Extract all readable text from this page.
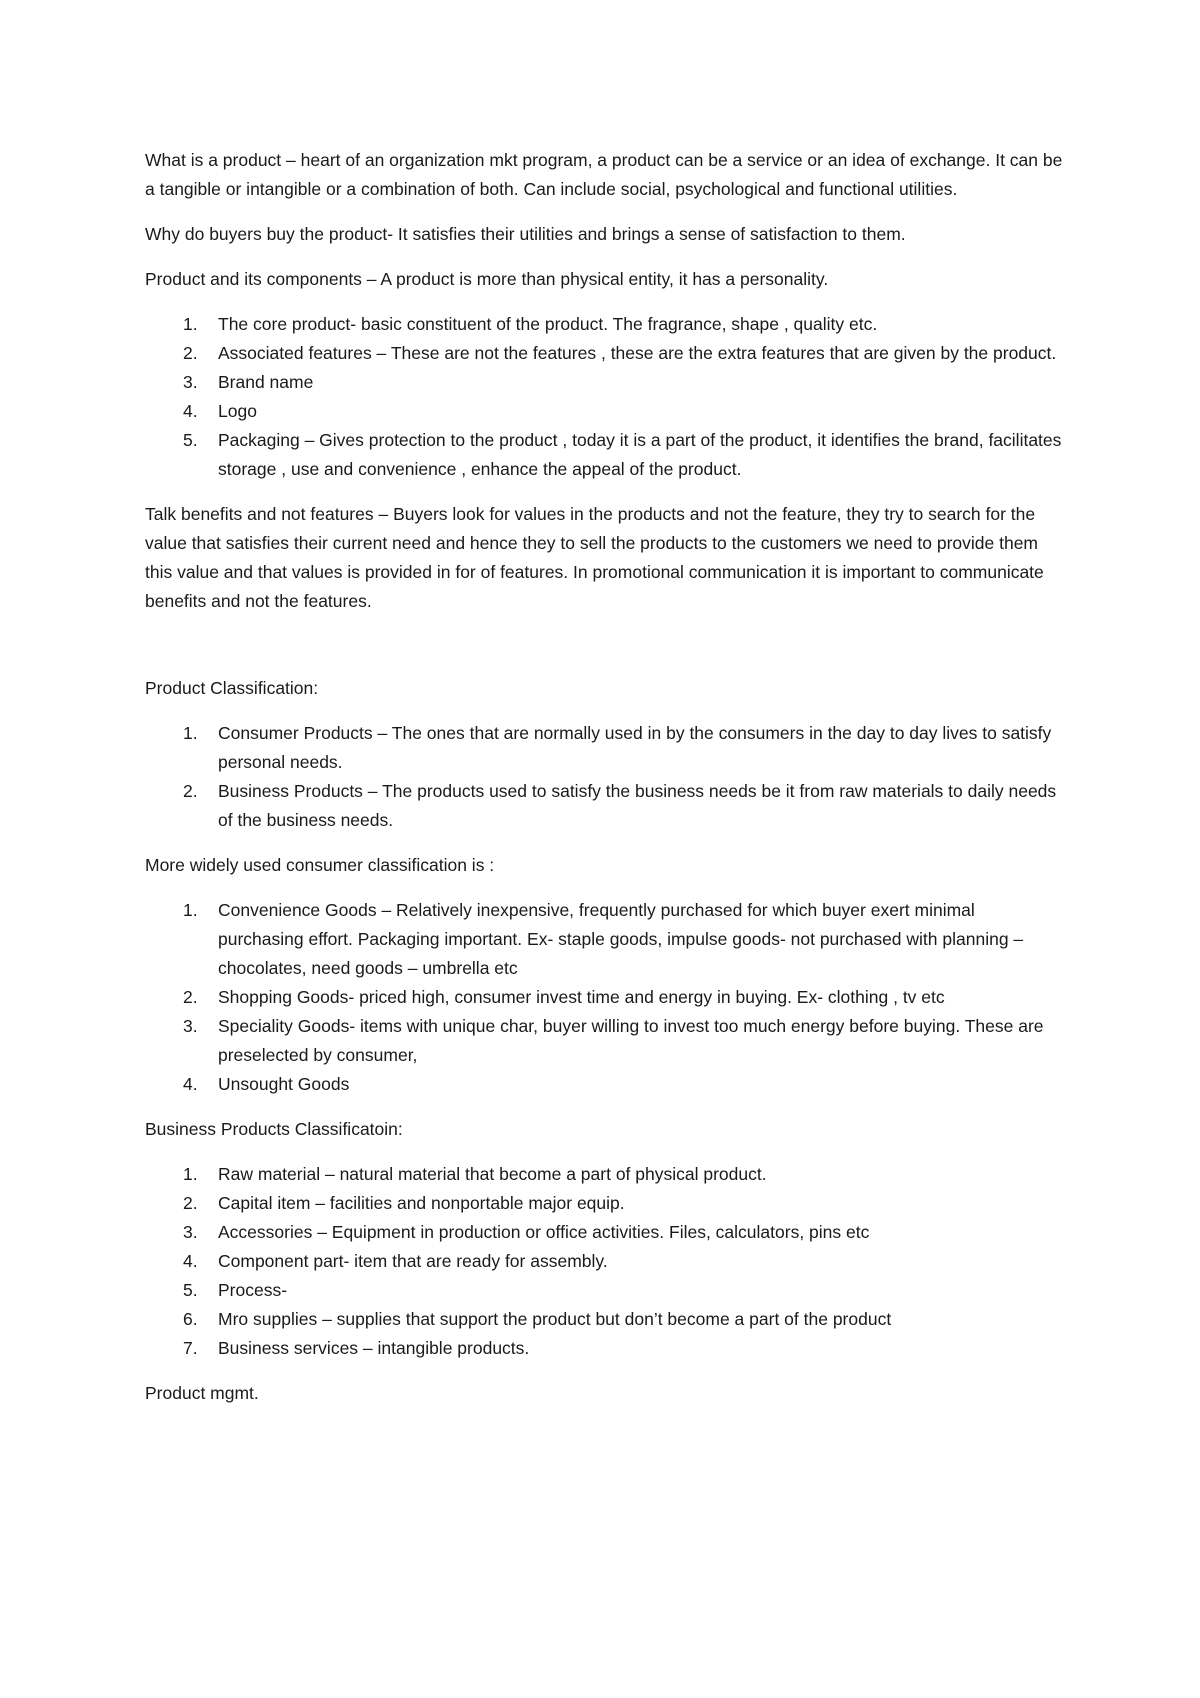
What is a product – heart of an organization mkt program, a product can be a service or an idea of exchange. It can be a tangible or intangible or a combination of both. Can include social, psychological and functional utilities.

Why do buyers buy the product- It satisfies their utilities and brings a sense of satisfaction to them.

Product and its components – A product is more than physical entity, it has a personality.

1. The core product- basic constituent of the product. The fragrance, shape , quality etc.
2. Associated features – These are not the features , these are the extra features that are given by the product.
3. Brand name
4. Logo
5. Packaging – Gives protection to the product , today it is a part of the product, it identifies the brand, facilitates storage , use and convenience , enhance the appeal of the product.

Talk benefits and not features – Buyers look for values in the products and not the feature, they try to search for the value that satisfies their current need and hence they to sell the products to the customers we need to provide them this value and that values is provided in for of features. In promotional communication it is important to communicate benefits and not the features.

Product Classification:

1. Consumer Products – The ones that are normally used in by the consumers in the day to day lives to satisfy personal needs.
2. Business Products – The products used to satisfy the business needs be it from raw materials to daily needs of the business needs.

More widely used consumer classification is :

1. Convenience Goods – Relatively inexpensive, frequently purchased for which buyer exert minimal purchasing effort. Packaging important. Ex- staple goods, impulse goods- not purchased with planning – chocolates, need goods – umbrella etc
2. Shopping Goods- priced high, consumer invest time and energy in buying. Ex- clothing , tv etc
3. Speciality Goods- items with unique char, buyer willing to invest too much energy before buying. These are preselected by consumer,
4. Unsought Goods

Business Products Classificatoin:

1. Raw material – natural material that become a part of physical product.
2. Capital item – facilities and nonportable major equip.
3. Accessories – Equipment in production or office activities. Files, calculators, pins etc
4. Component part- item that are ready for assembly.
5. Process-
6. Mro supplies – supplies that support the product but don’t become a part of the product
7. Business services – intangible products.

Product mgmt.
